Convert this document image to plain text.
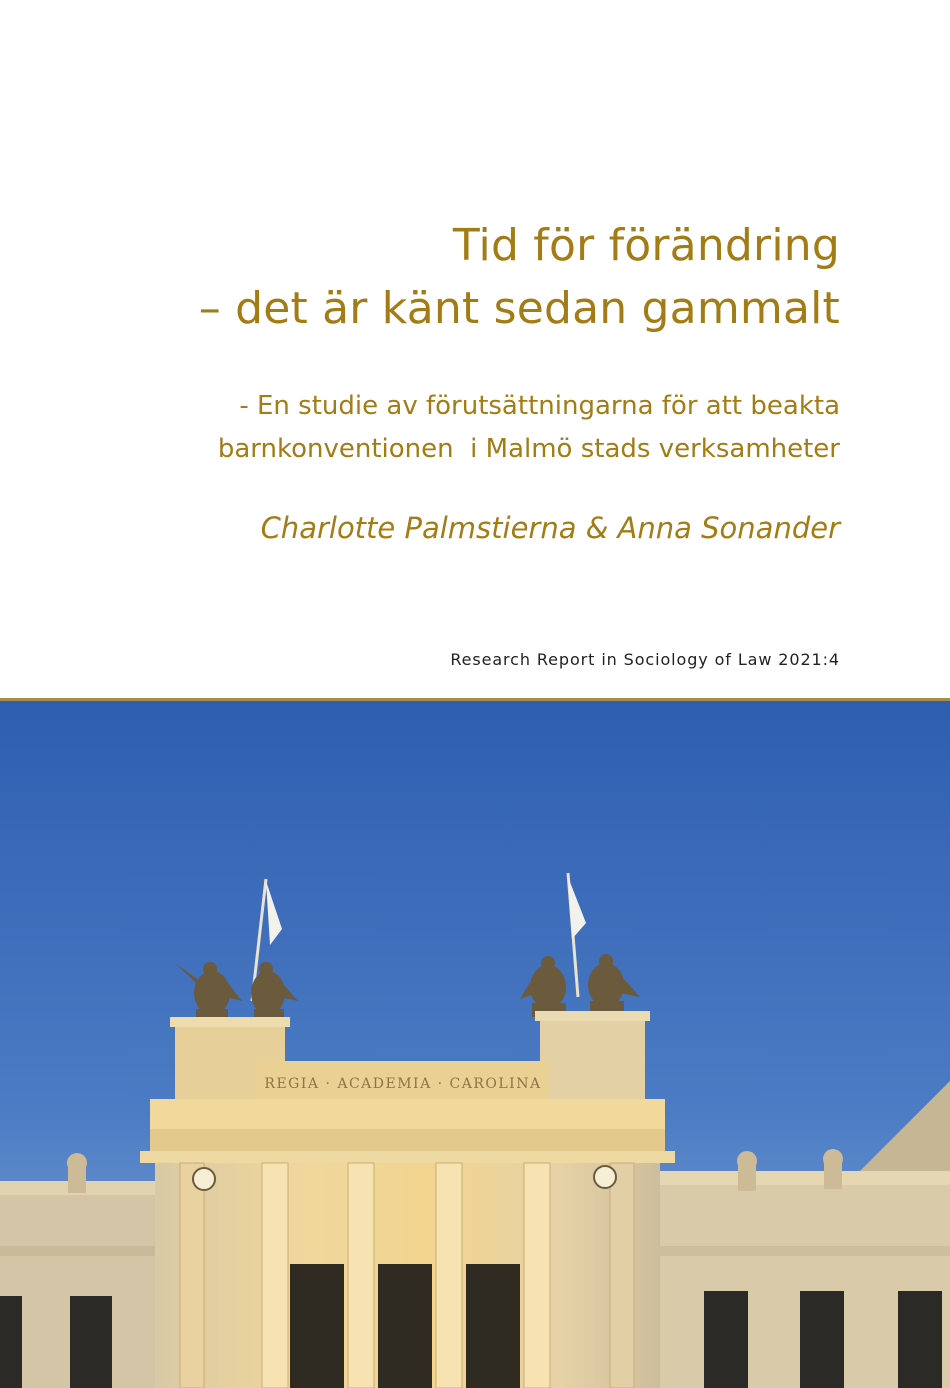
Tid för förändring
– det är känt sedan gammalt
- En studie av förutsättningarna för att beakta
barnkonventionen  i Malmö stads verksamheter
Charlotte Palmstierna & Anna Sonander
Research Report in Sociology of Law 2021:4
REGIA · ACADEMIA · CAROLINA
